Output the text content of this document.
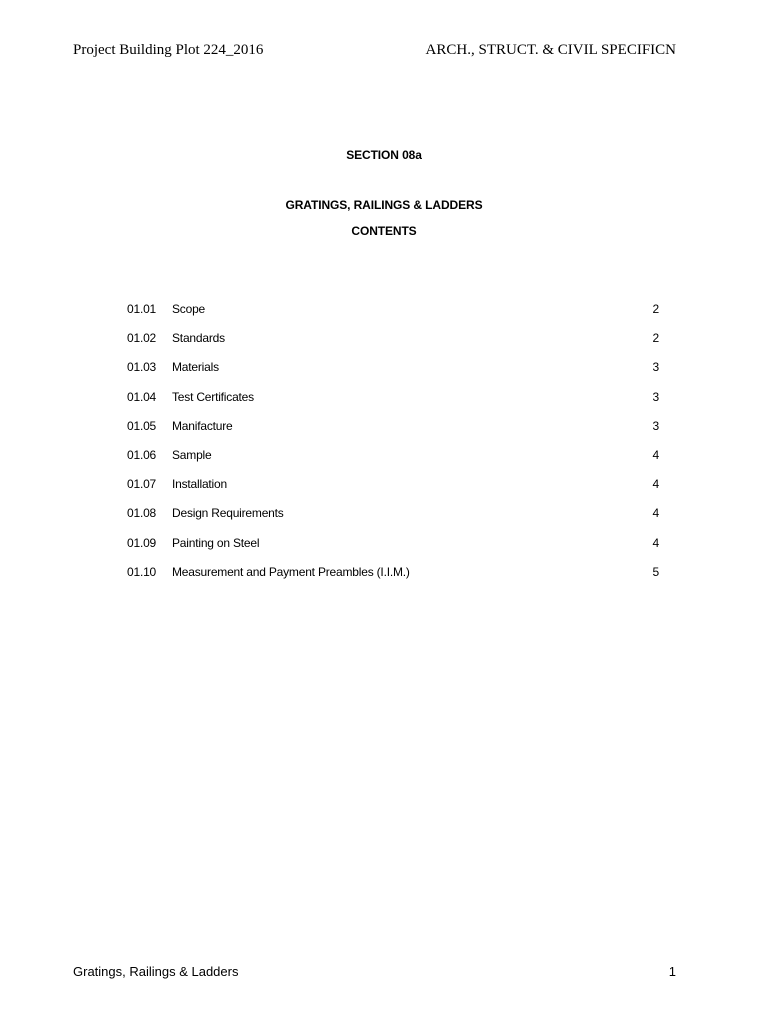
Project Building Plot 224_2016	ARCH., STRUCT. & CIVIL SPECIFICN
SECTION 08a
GRATINGS, RAILINGS & LADDERS
CONTENTS
01.01 Scope	2
01.02 Standards	2
01.03 Materials	3
01.04 Test Certificates	3
01.05 Manifacture	3
01.06 Sample	4
01.07 Installation	4
01.08 Design Requirements	4
01.09 Painting on Steel	4
01.10 Measurement and Payment Preambles (I.I.M.)	5
Gratings, Railings & Ladders	1
